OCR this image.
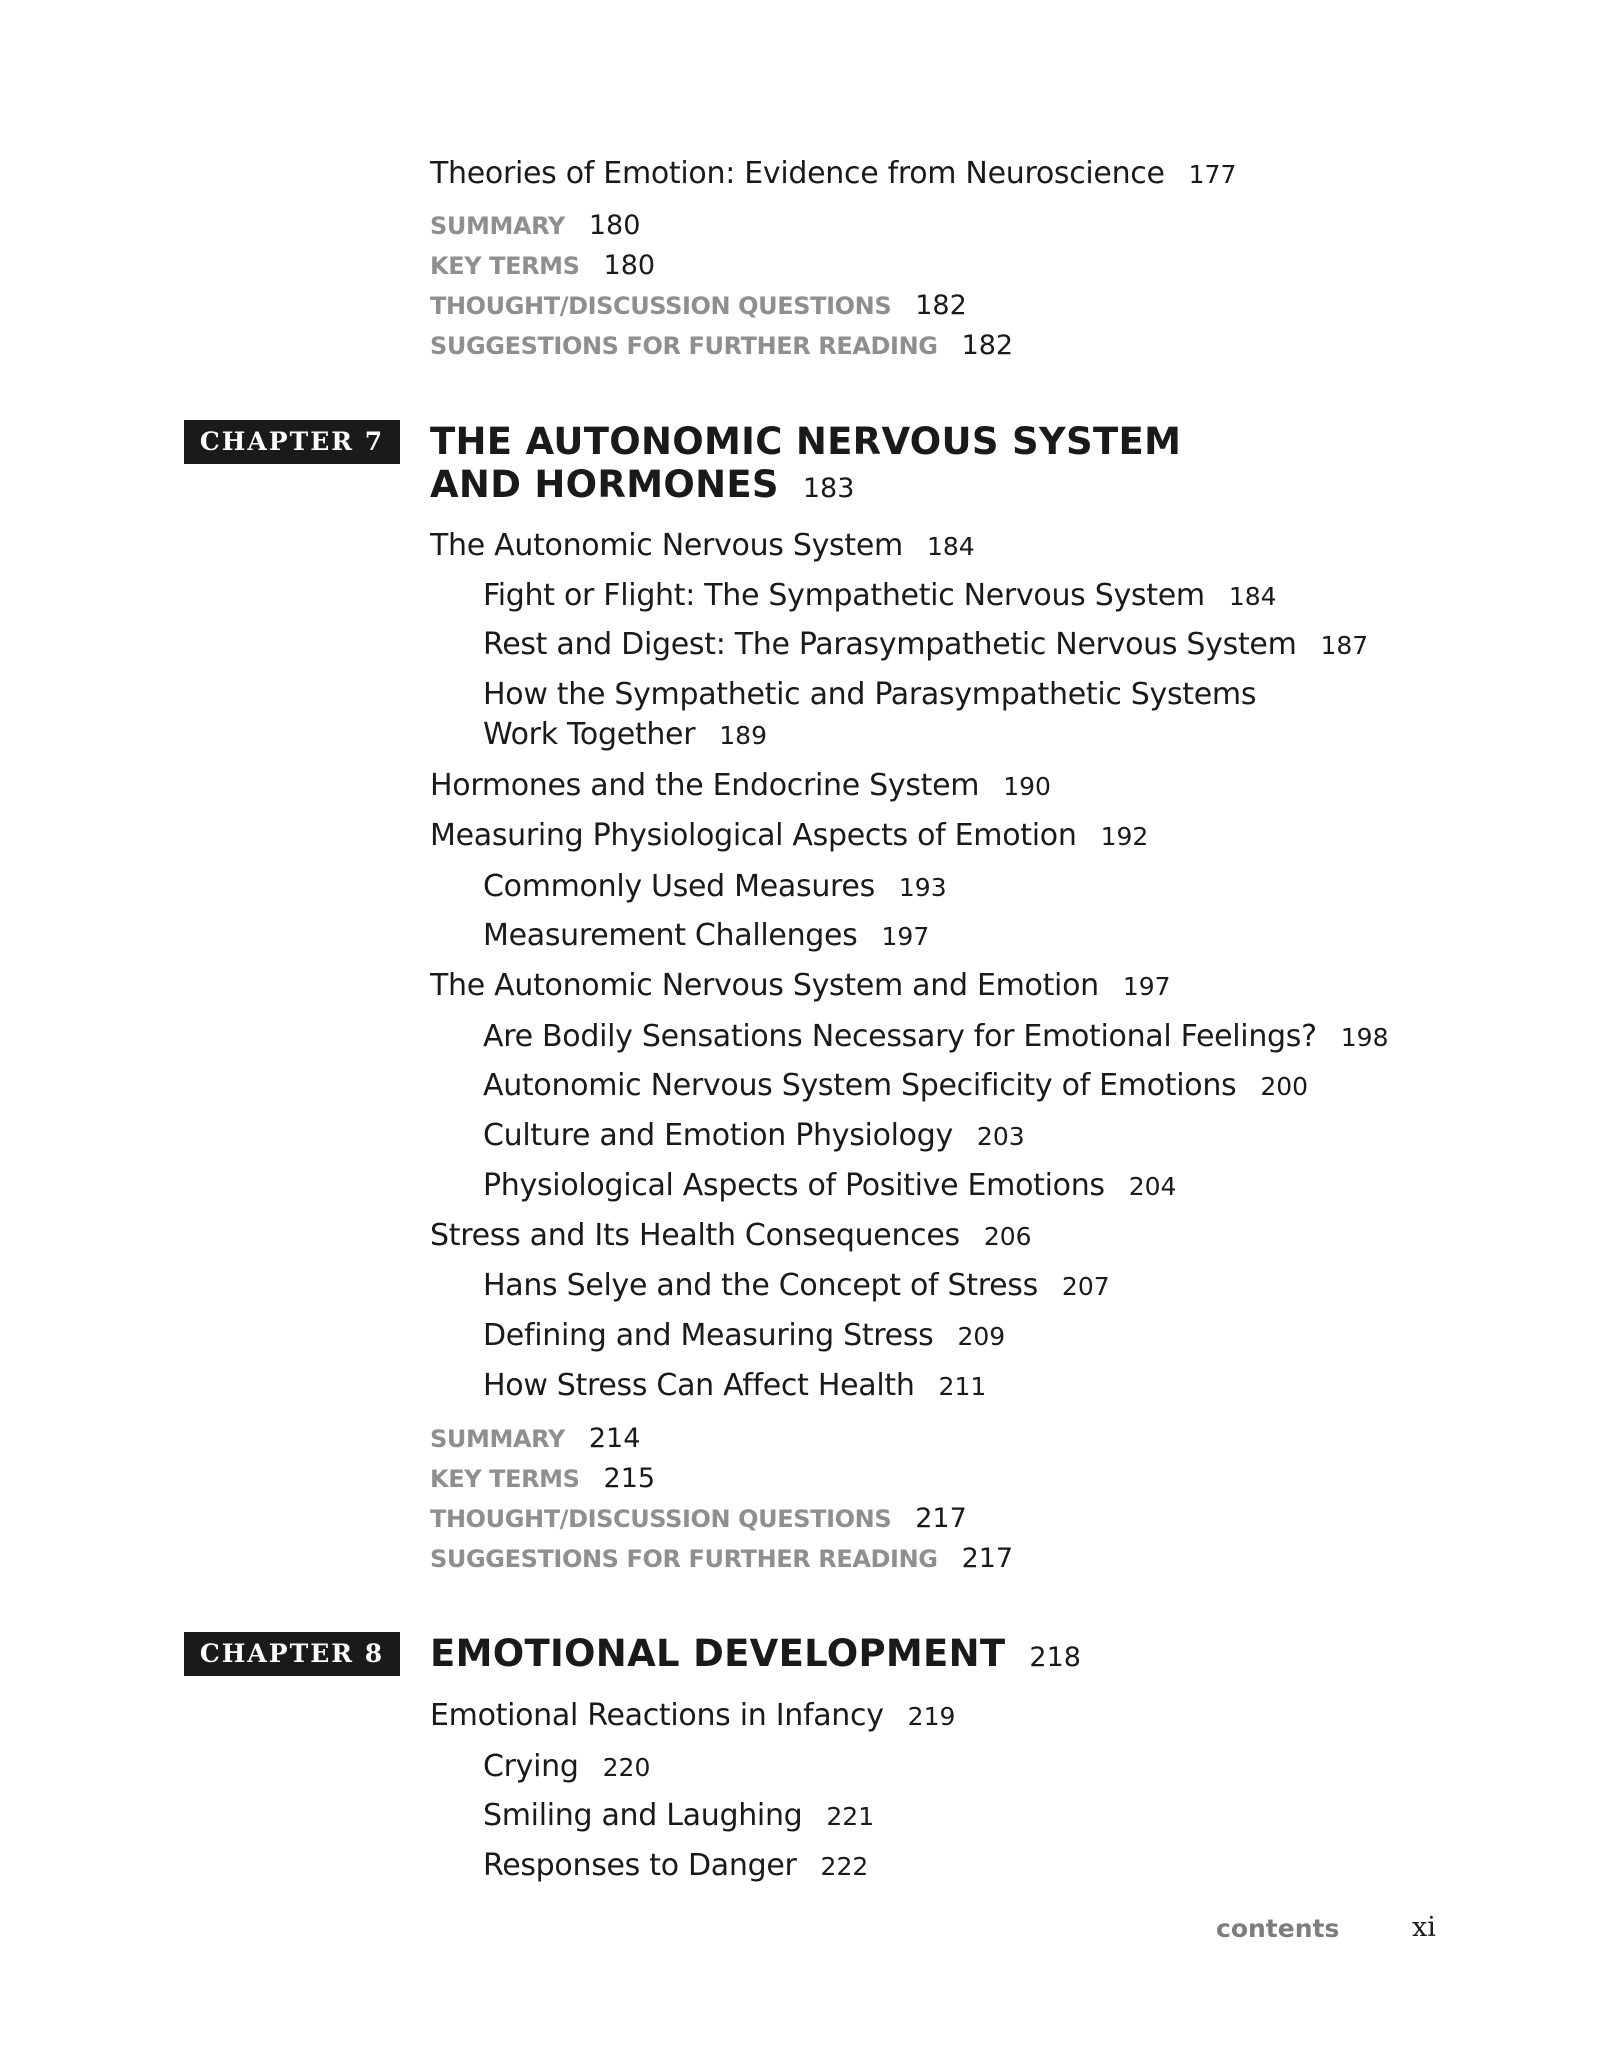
Theories of Emotion: Evidence from Neuroscience 177
SUMMARY 180
KEY TERMS 180
THOUGHT/DISCUSSION QUESTIONS 182
SUGGESTIONS FOR FURTHER READING 182
CHAPTER 7	THE AUTONOMIC NERVOUS SYSTEM
AND HORMONES 183
The Autonomic Nervous System 184
Fight or Flight: The Sympathetic Nervous System 184
Rest and Digest: The Parasympathetic Nervous System 187
How the Sympathetic and Parasympathetic Systems
Work Together 189
Hormones and the Endocrine System 190
Measuring Physiological Aspects of Emotion 192
Commonly Used Measures 193
Measurement Challenges 197
The Autonomic Nervous System and Emotion 197
Are Bodily Sensations Necessary for Emotional Feelings? 198
Autonomic Nervous System Specificity of Emotions 200
Culture and Emotion Physiology 203
Physiological Aspects of Positive Emotions 204
Stress and Its Health Consequences 206
Hans Selye and the Concept of Stress 207
Defining and Measuring Stress 209
How Stress Can Affect Health 211
SUMMARY 214
KEY TERMS 215
THOUGHT/DISCUSSION QUESTIONS 217
SUGGESTIONS FOR FURTHER READING 217
CHAPTER 8	EMOTIONAL DEVELOPMENT 218
Emotional Reactions in Infancy 219
Crying 220
Smiling and Laughing 221
Responses to Danger 222
contents	xi
